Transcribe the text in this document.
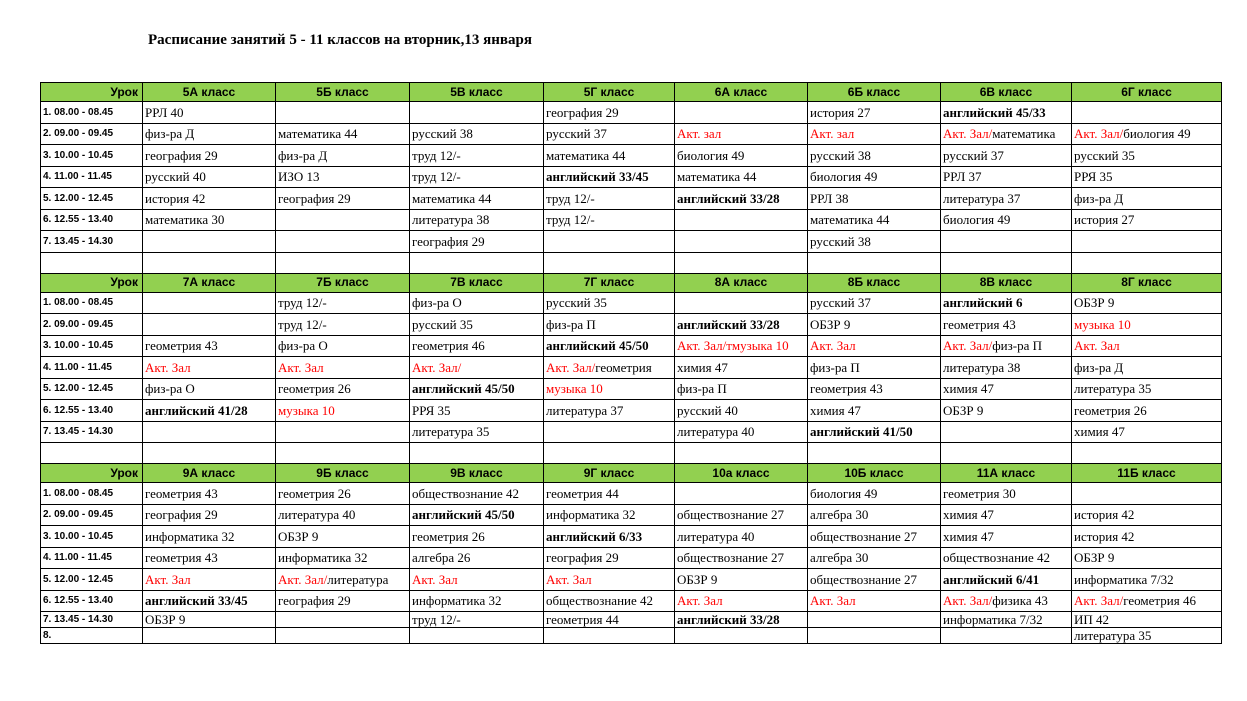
Расписание занятий 5 - 11 классов на вторник,13 января
Урок	5А класс	5Б класс	5В класс	5Г класс	6А класс	6Б класс	6В класс	6Г класс
1. 08.00 - 08.45	РРЛ 40			география 29		история 27	английский 45/33	
2. 09.00 - 09.45	физ-ра Д	математика 44	русский 38	русский 37	Акт. зал	Акт. зал	Акт. Зал/математика	Акт. Зал/биология 49
3. 10.00 - 10.45	география 29	физ-ра Д	труд 12/-	математика 44	биология 49	русский 38	русский 37	русский 35
4. 11.00 - 11.45	русский 40	ИЗО 13	труд 12/-	английский 33/45	математика 44	биология 49	РРЛ 37	РРЯ 35
5. 12.00 - 12.45	история 42	география 29	математика 44	труд 12/-	английский 33/28	РРЛ 38	литература 37	физ-ра Д
6. 12.55 - 13.40	математика 30		литература 38	труд 12/-		математика 44	биология 49	история 27
7. 13.45 - 14.30			география 29			русский 38		

Урок	7А класс	7Б класс	7В класс	7Г класс	8А класс	8Б класс	8В класс	8Г класс
1. 08.00 - 08.45		труд 12/-	физ-ра О	русский 35		русский 37	английский 6	ОБЗР 9
2. 09.00 - 09.45		труд 12/-	русский 35	физ-ра П	английский 33/28	ОБЗР 9	геометрия 43	музыка 10
3. 10.00 - 10.45	геометрия 43	физ-ра О	геометрия 46	английский 45/50	Акт. Зал/тмузыка 10	Акт. Зал	Акт. Зал/физ-ра П	Акт. Зал
4. 11.00 - 11.45	Акт. Зал	Акт. Зал	Акт. Зал/	Акт. Зал/геометрия	химия 47	физ-ра П	литература 38	физ-ра Д
5. 12.00 - 12.45	физ-ра О	геометрия 26	английский 45/50	музыка 10	физ-ра П	геометрия 43	химия 47	литература 35
6. 12.55 - 13.40	английский 41/28	музыка 10	РРЯ 35	литература 37	русский 40	химия 47	ОБЗР 9	геометрия 26
7. 13.45 - 14.30			литература 35		литература 40	английский 41/50		химия 47

Урок	9А класс	9Б класс	9В класс	9Г класс	10а класс	10Б класс	11А класс	11Б класс
1. 08.00 - 08.45	геометрия 43	геометрия 26	обществознание 42	геометрия 44		биология 49	геометрия 30	
2. 09.00 - 09.45	география 29	литература 40	английский 45/50	информатика 32	обществознание 27	алгебра 30	химия 47	история 42
3. 10.00 - 10.45	информатика 32	ОБЗР 9	геометрия 26	английский 6/33	литература 40	обществознание 27	химия 47	история 42
4. 11.00 - 11.45	геометрия 43	информатика 32	алгебра 26	география 29	обществознание 27	алгебра 30	обществознание 42	ОБЗР 9
5. 12.00 - 12.45	Акт. Зал	Акт. Зал/литература	Акт. Зал	Акт. Зал	ОБЗР 9	обществознание 27	английский 6/41	информатика 7/32
6. 12.55 - 13.40	английский 33/45	география 29	информатика 32	обществознание 42	Акт. Зал	Акт. Зал	Акт. Зал/физика 43	Акт. Зал/геометрия 46
7. 13.45 - 14.30	ОБЗР 9		труд 12/-	геометрия 44	английский 33/28		информатика 7/32	ИП 42
8.								литература 35
